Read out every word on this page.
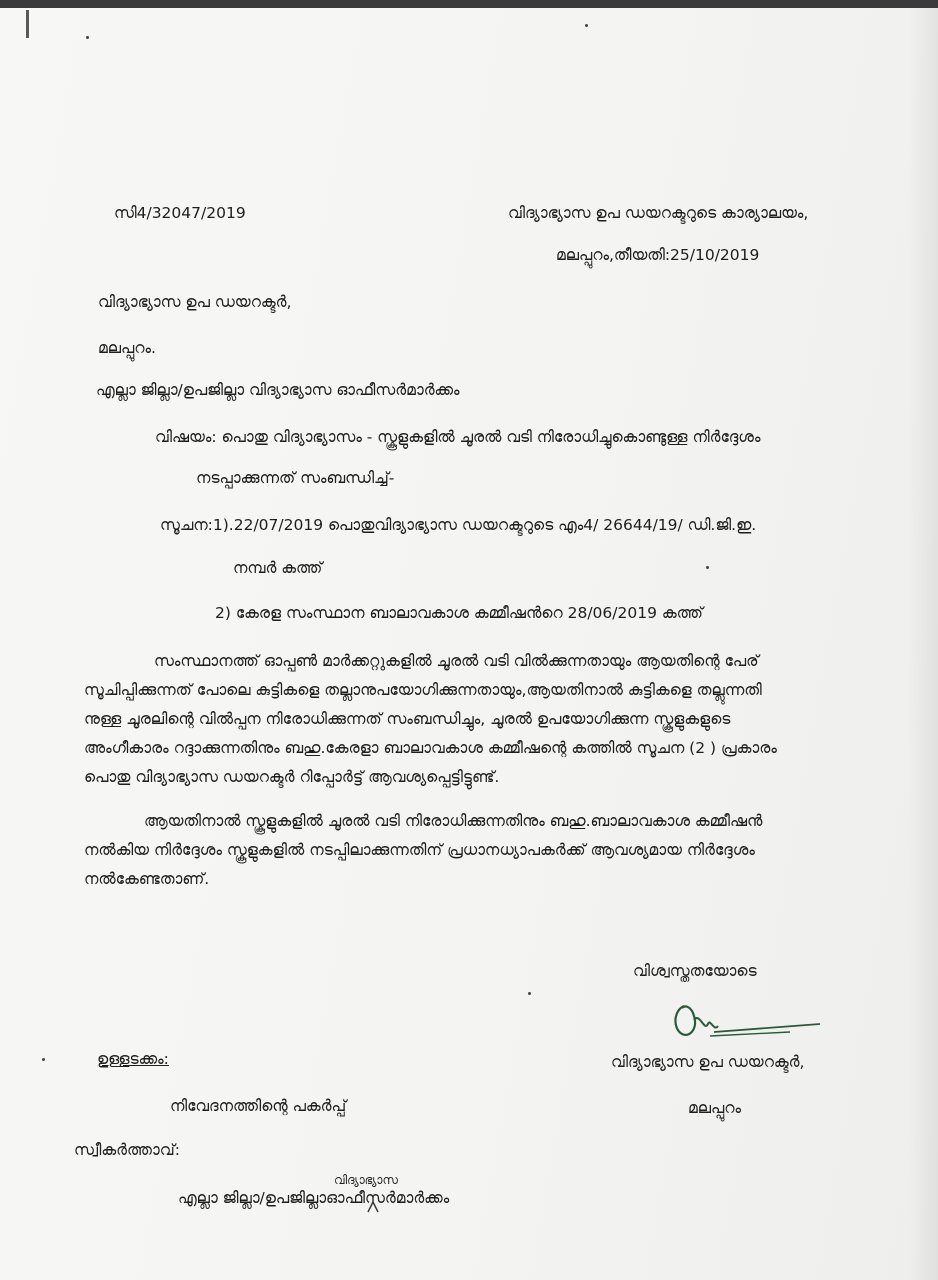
സി4/32047/2019	വിദ്യാഭ്യാസ ഉപ ഡയറക്ടറുടെ കാര്യാലയം,
മലപ്പുറം,തീയതി:25/10/2019
വിദ്യാഭ്യാസ ഉപ ഡയറക്ടർ,
മലപ്പുറം.
എല്ലാ ജില്ലാ/ഉപജില്ലാ വിദ്യാഭ്യാസ ഓഫീസർമാർക്കം
വിഷയം: പൊതു വിദ്യാഭ്യാസം - സ്കൂളുകളിൽ ചൂരൽ വടി നിരോധിച്ചുകൊണ്ടുള്ള നിർദ്ദേശം
നടപ്പാക്കുന്നത് സംബന്ധിച്ച്-
സൂചന:1).22/07/2019 പൊതുവിദ്യാഭ്യാസ ഡയറക്ടറുടെ എം4/ 26644/19/ ഡി.ജി.ഇ.
നമ്പർ കത്ത്
2) കേരള സംസ്ഥാന ബാലാവകാശ കമ്മീഷൻറെ 28/06/2019 കത്ത്
സംസ്ഥാനത്ത് ഓപ്പൺ മാർക്കറ്റുകളിൽ ചൂരൽ വടി വിൽക്കുന്നതായും ആയതിന്റെ പേര്
സൂചിപ്പിക്കുന്നത് പോലെ കുട്ടികളെ തല്ലാനുപയോഗിക്കുന്നതായും,ആയതിനാൽ കുട്ടികളെ തല്ലുന്നതി
നുള്ള ചൂരലിന്റെ വിൽപ്പന നിരോധിക്കുന്നത് സംബന്ധിച്ചും, ചൂരൽ ഉപയോഗിക്കുന്ന സ്കൂളുകളുടെ
അംഗീകാരം റദ്ദാക്കുന്നതിനും ബഹു.കേരളാ ബാലാവകാശ കമ്മീഷന്റെ കത്തിൽ സൂചന (2 ) പ്രകാരം
പൊതു വിദ്യാഭ്യാസ ഡയറക്ടർ റിപ്പോർട്ട് ആവശ്യപ്പെട്ടിട്ടുണ്ട്.
ആയതിനാൽ സ്കൂളുകളിൽ ചൂരൽ വടി നിരോധിക്കുന്നതിനും ബഹു.ബാലാവകാശ കമ്മീഷൻ
നൽകിയ നിർദ്ദേശം സ്കൂളുകളിൽ നടപ്പിലാക്കുന്നതിന് പ്രധാനധ്യാപകർക്ക് ആവശ്യമായ നിർദ്ദേശം
നൽകേണ്ടതാണ്.
വിശ്വസ്തതയോടെ
വിദ്യാഭ്യാസ ഉപ ഡയറക്ടർ,
മലപ്പുറം
ഉള്ളടക്കം:
നിവേദനത്തിന്റെ പകർപ്പ്
സ്വീകർത്താവ്:
വിദ്യാഭ്യാസ
എല്ലാ ജില്ലാ/ഉപജില്ലാഓഫീസർമാർക്കം
